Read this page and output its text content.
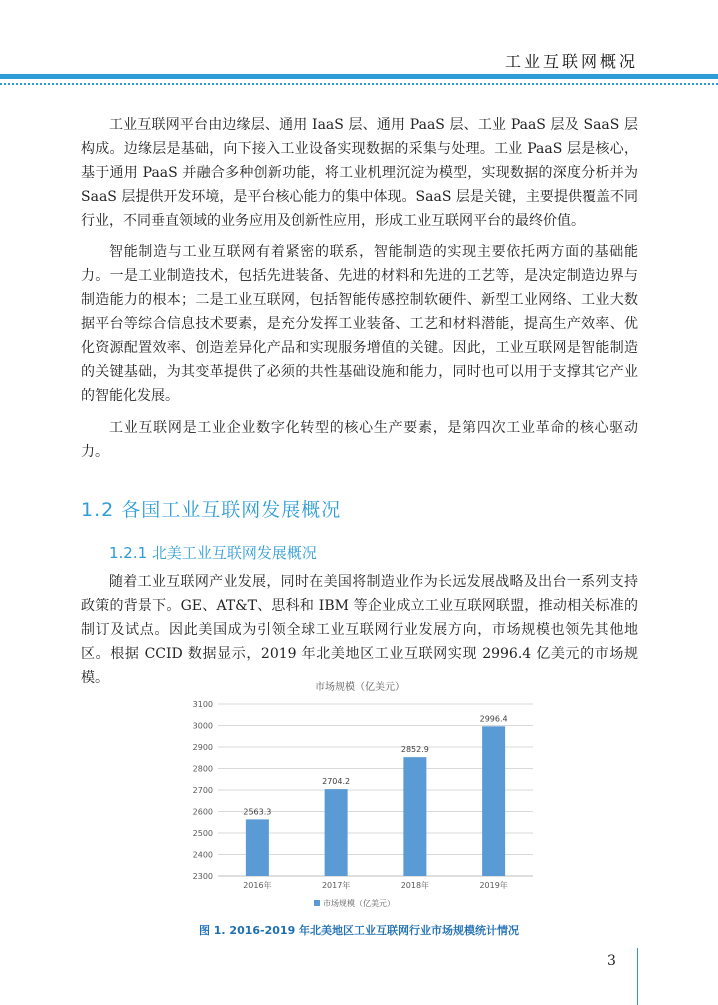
工业互联网概况

工业互联网平台由边缘层、通用 IaaS 层、通用 PaaS 层、工业 PaaS 层及 SaaS 层构成。边缘层是基础，向下接入工业设备实现数据的采集与处理。工业 PaaS 层是核心，基于通用 PaaS 并融合多种创新功能，将工业机理沉淀为模型，实现数据的深度分析并为 SaaS 层提供开发环境，是平台核心能力的集中体现。SaaS 层是关键，主要提供覆盖不同行业，不同垂直领域的业务应用及创新性应用，形成工业互联网平台的最终价值。

智能制造与工业互联网有着紧密的联系，智能制造的实现主要依托两方面的基础能力。一是工业制造技术，包括先进装备、先进的材料和先进的工艺等，是决定制造边界与制造能力的根本；二是工业互联网，包括智能传感控制软硬件、新型工业网络、工业大数据平台等综合信息技术要素，是充分发挥工业装备、工艺和材料潜能，提高生产效率、优化资源配置效率、创造差异化产品和实现服务增值的关键。因此，工业互联网是智能制造的关键基础，为其变革提供了必须的共性基础设施和能力，同时也可以用于支撑其它产业的智能化发展。

工业互联网是工业企业数字化转型的核心生产要素，是第四次工业革命的核心驱动力。

1.2 各国工业互联网发展概况
1.2.1 北美工业互联网发展概况

随着工业互联网产业发展，同时在美国将制造业作为长远发展战略及出台一系列支持政策的背景下。GE、AT&T、思科和 IBM 等企业成立工业互联网联盟，推动相关标准的制订及试点。因此美国成为引领全球工业互联网行业发展方向，市场规模也领先其他地区。根据 CCID 数据显示，2019 年北美地区工业互联网实现 2996.4 亿美元的市场规模。

市场规模（亿美元）
2300
2400
2500
2600
2700
2800
2900
3000
3100
2563.3
2704.2
2852.9
2996.4
2016年	2017年	2018年	2019年
市场规模（亿美元）
图 1. 2016-2019 年北美地区工业互联网行业市场规模统计情况
3
